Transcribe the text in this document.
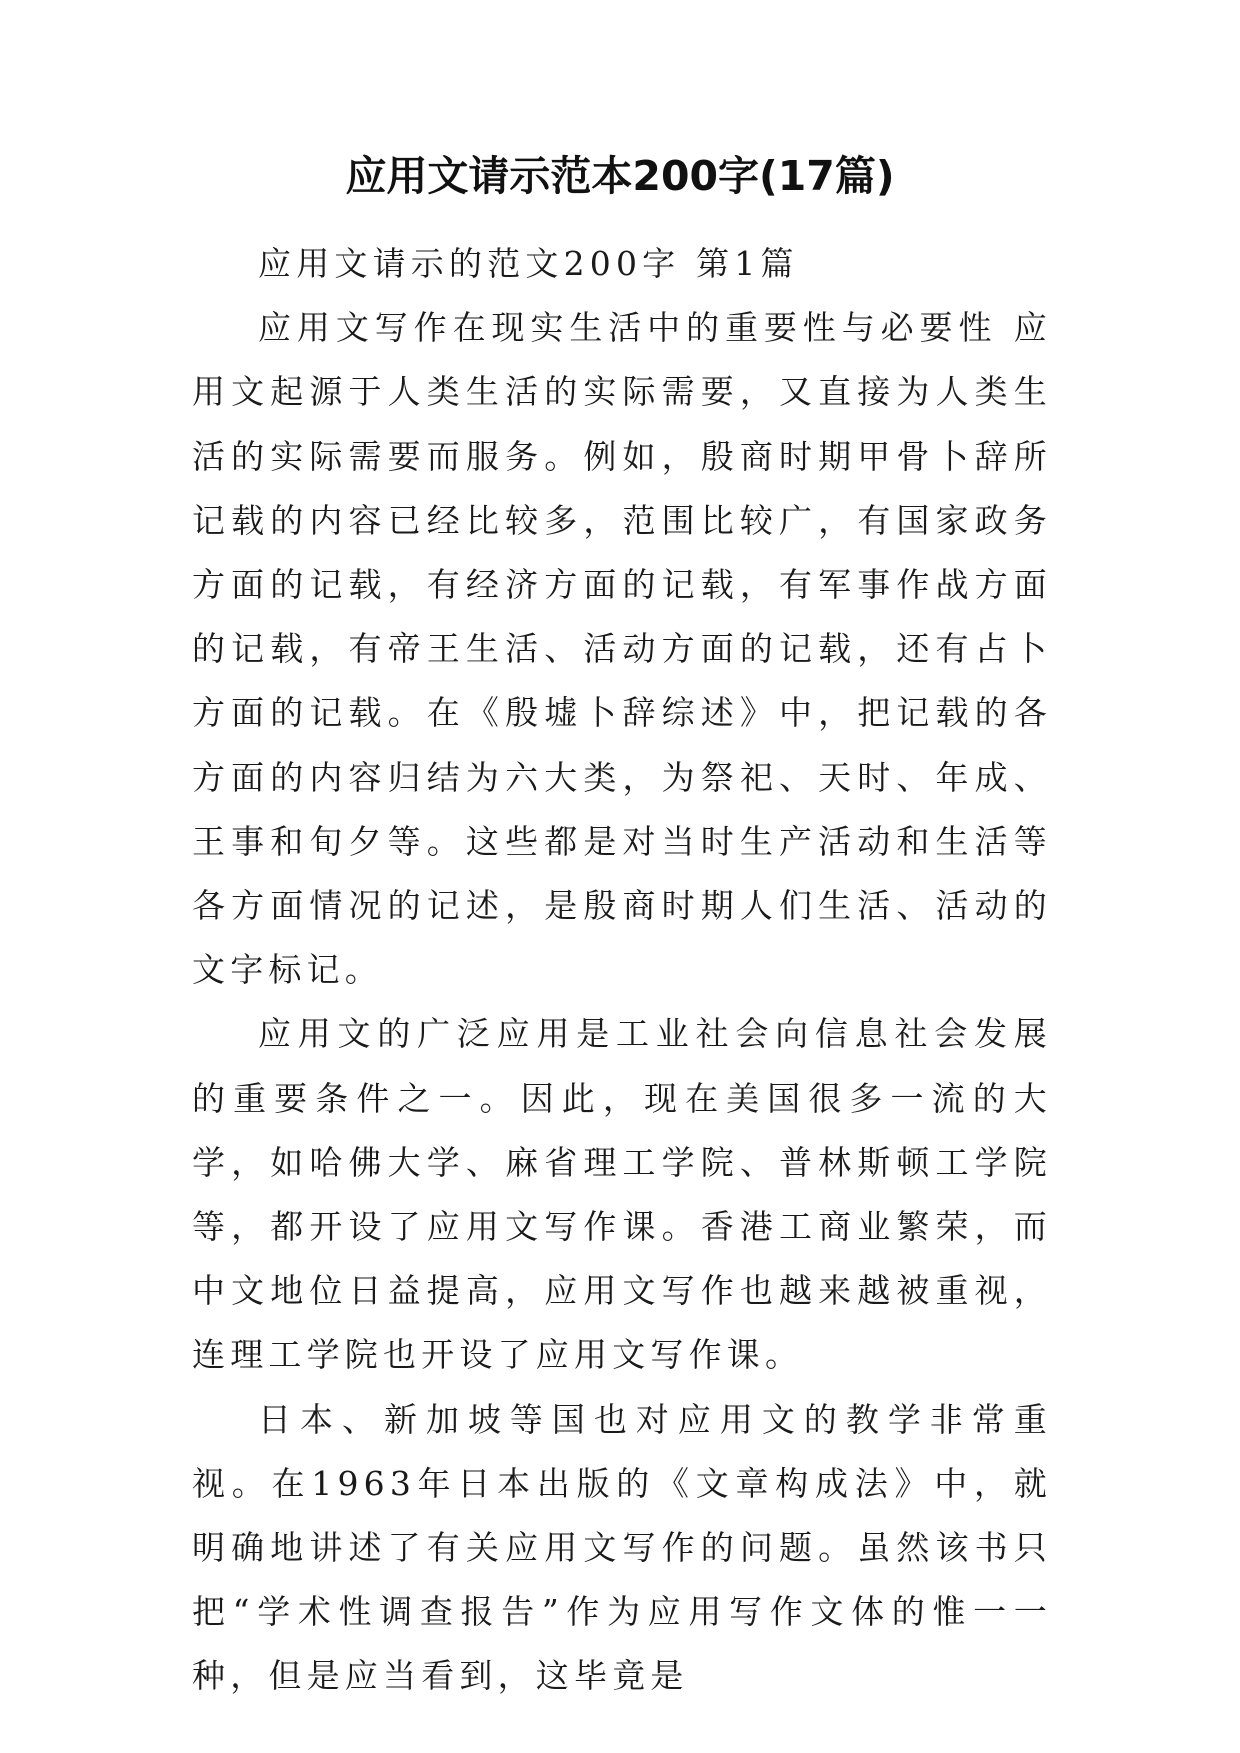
应用文请示范本200字(17篇)

应用文请示的范文200字 第1篇

应用文写作在现实生活中的重要性与必要性 应用文起源于人类生活的实际需要，又直接为人类生活的实际需要而服务。例如，殷商时期甲骨卜辞所记载的内容已经比较多，范围比较广，有国家政务方面的记载，有经济方面的记载，有军事作战方面的记载，有帝王生活、活动方面的记载，还有占卜方面的记载。在《殷墟卜辞综述》中，把记载的各方面的内容归结为六大类，为祭祀、天时、年成、王事和旬夕等。这些都是对当时生产活动和生活等各方面情况的记述，是殷商时期人们生活、活动的文字标记。

应用文的广泛应用是工业社会向信息社会发展的重要条件之一。因此，现在美国很多一流的大学，如哈佛大学、麻省理工学院、普林斯顿工学院等，都开设了应用文写作课。香港工商业繁荣，而中文地位日益提高，应用文写作也越来越被重视，连理工学院也开设了应用文写作课。

日本、新加坡等国也对应用文的教学非常重视。在1963年日本出版的《文章构成法》中，就明确地讲述了有关应用文写作的问题。虽然该书只把“学术性调查报告”作为应用写作文体的惟一一种，但是应当看到，这毕竟是
